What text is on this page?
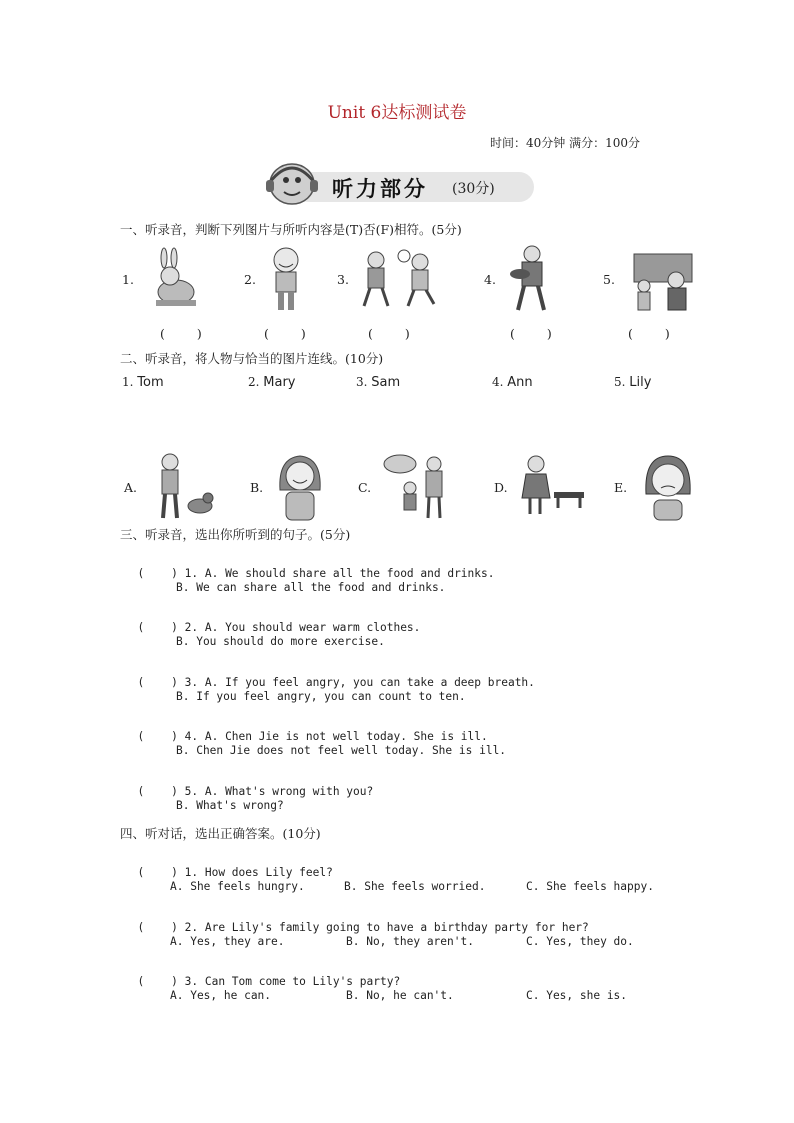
Unit 6达标测试卷
时间：40分钟 满分：100分
听力部分 (30分)
一、听录音，判断下列图片与所听内容是(T)否(F)相符。(5分)
1.
( )
2.
( )
3.
( )
4.
( )
5.
( )
二、听录音，将人物与恰当的图片连线。(10分)
1. Tom	2. Mary	3. Sam	4. Ann	5. Lily
A.	B.	C.	D.	E.
三、听录音，选出你所听到的句子。(5分)

(    ) 1. A. We should share all the food and drinks.

B. We can share all the food and drinks.

(    ) 2. A. You should wear warm clothes.

B. You should do more exercise.

(    ) 3. A. If you feel angry, you can take a deep breath.

B. If you feel angry, you can count to ten.

(    ) 4. A. Chen Jie is not well today. She is ill.

B. Chen Jie does not feel well today. She is ill.

(    ) 5. A. What's wrong with you?

B. What's wrong?
四、听对话，选出正确答案。(10分)

(    ) 1. How does Lily feel?

A. She feels hungry.	B. She feels worried.	C. She feels happy.

(    ) 2. Are Lily's family going to have a birthday party for her?

A. Yes, they are.	B. No, they aren't.	C. Yes, they do.

(    ) 3. Can Tom come to Lily's party?

A. Yes, he can.	B. No, he can't.	C. Yes, she is.
